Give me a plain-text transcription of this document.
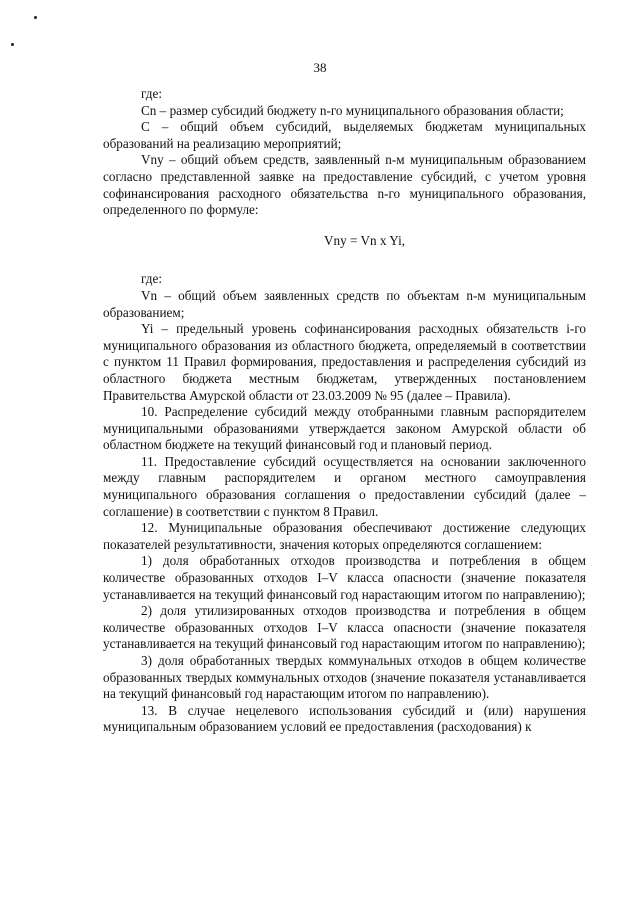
38

где:

Сn – размер субсидий бюджету n-го муниципального образования области;

С – общий объем субсидий, выделяемых бюджетам муниципальных образований на реализацию мероприятий;

Vny – общий объем средств, заявленный n-м муниципальным образованием согласно представленной заявке на предоставление субсидий, с учетом уровня софинансирования расходного обязательства n-го муниципального образования, определенного по формуле:

Vny = Vn x Yi,

где:

Vn – общий объем заявленных средств по объектам n-м муниципальным образованием;

Yi – предельный уровень софинансирования расходных обязательств i-го муниципального образования из областного бюджета, определяемый в соответствии с пунктом 11 Правил формирования, предоставления и распределения субсидий из областного бюджета местным бюджетам, утвержденных постановлением Правительства Амурской области от 23.03.2009 № 95 (далее – Правила).

10. Распределение субсидий между отобранными главным распорядителем муниципальными образованиями утверждается законом Амурской области об областном бюджете на текущий финансовый год и плановый период.

11. Предоставление субсидий осуществляется на основании заключенного между главным распорядителем и органом местного самоуправления муниципального образования соглашения о предоставлении субсидий (далее – соглашение) в соответствии с пунктом 8 Правил.

12. Муниципальные образования обеспечивают достижение следующих показателей результативности, значения которых определяются соглашением:

1) доля обработанных отходов производства и потребления в общем количестве образованных отходов I–V класса опасности (значение показателя устанавливается на текущий финансовый год нарастающим итогом по направлению);

2) доля утилизированных отходов производства и потребления в общем количестве образованных отходов I–V класса опасности (значение показателя устанавливается на текущий финансовый год нарастающим итогом по направлению);

3) доля обработанных твердых коммунальных отходов в общем количестве образованных твердых коммунальных отходов (значение показателя устанавливается на текущий финансовый год нарастающим итогом по направлению).

13. В случае нецелевого использования субсидий и (или) нарушения муниципальным образованием условий ее предоставления (расходования) к
